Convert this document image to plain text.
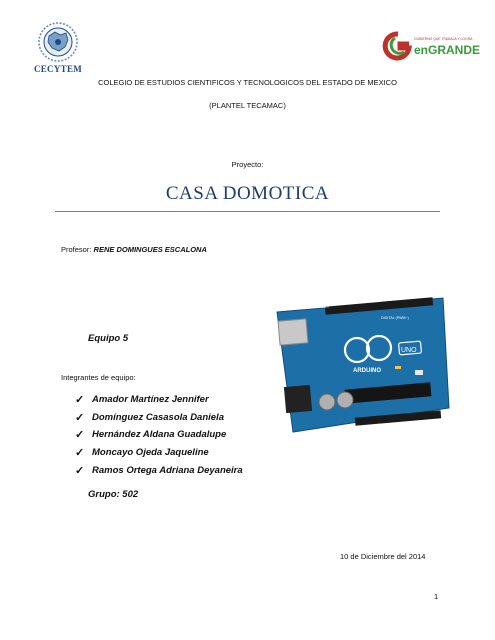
CECYTEM
GOBIERNO QUE TRABAJA Y LOGRA
enGRANDE
COLEGIO DE ESTUDIOS CIENTIFICOS Y TECNOLOGICOS DEL ESTADO DE MEXICO
(PLANTEL TECAMAC)
Proyecto:
CASA DOMOTICA
Profesor: RENE DOMINGUES ESCALONA
Equipo 5
Integrantes de equipo:
✓ Amador Martínez Jennifer
✓ Domínguez Casasola Daniela
✓ Hernández Aldana Guadalupe
✓ Moncayo Ojeda Jaqueline
✓ Ramos Ortega Adriana Deyaneira
Grupo: 502
UNO
ARDUINO
MADE IN ITALY
DIGITAL (PWM~)
10 de Diciembre del 2014
1
